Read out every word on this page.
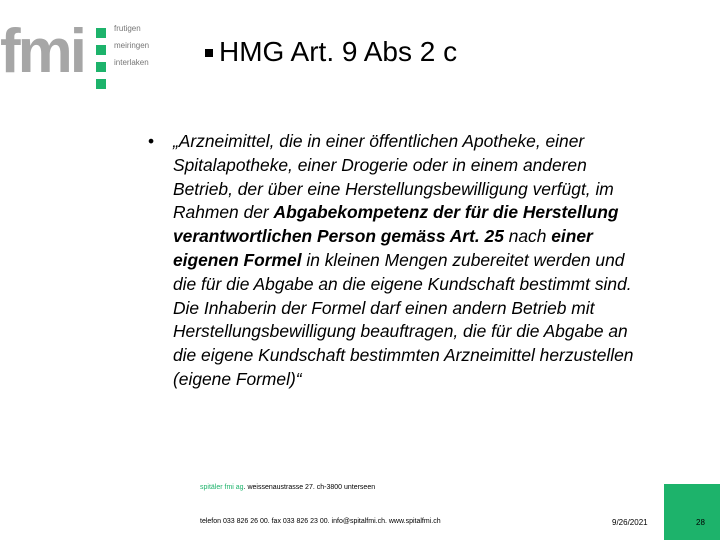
fmi	frutigen
meiringen
interlaken	HMG Art. 9 Abs 2 c
• „Arzneimittel, die in einer öffentlichen Apotheke, einer
Spitalapotheke, einer Drogerie oder in einem anderen
Betrieb, der über eine Herstellungsbewilligung verfügt, im
Rahmen der Abgabekompetenz der für die Herstellung
verantwortlichen Person gemäss Art. 25 nach einer
eigenen Formel in kleinen Mengen zubereitet werden und
die für die Abgabe an die eigene Kundschaft bestimmt sind.
Die Inhaberin der Formel darf einen andern Betrieb mit
Herstellungsbewilligung beauftragen, die für die Abgabe an
die eigene Kundschaft bestimmten Arzneimittel herzustellen
(eigene Formel)“
spitäler fmi ag. weissenaustrasse 27. ch-3800 unterseen
telefon 033 826 26 00. fax 033 826 23 00. info@spitalfmi.ch. www.spitalfmi.ch	9/26/2021	28
